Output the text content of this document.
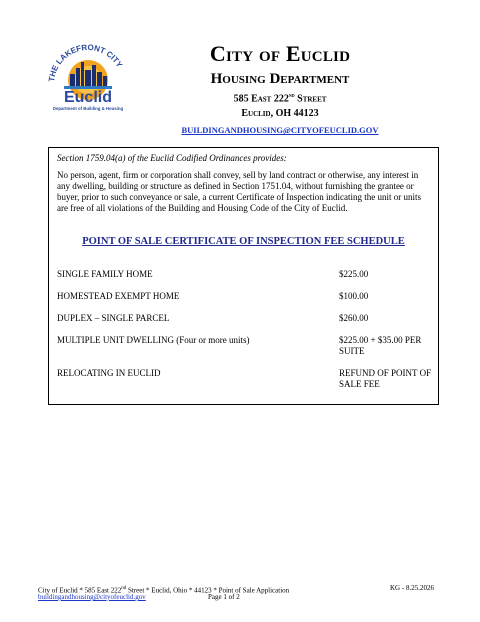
THE LAKEFRONT CITY
Euclid
Department of Building & Housing
City of Euclid
Housing Department
585 East 222nd Street
Euclid, OH 44123
BUILDINGANDHOUSING@CITYOFEUCLID.GOV
Section 1759.04(a) of the Euclid Codified Ordinances provides:
No person, agent, firm or corporation shall convey, sell by land contract or otherwise, any interest in any dwelling, building or structure as defined in Section 1751.04, without furnishing the grantee or buyer, prior to such conveyance or sale, a current Certificate of Inspection indicating the unit or units are free of all violations of the Building and Housing Code of the City of Euclid.
POINT OF SALE CERTIFICATE OF INSPECTION FEE SCHEDULE
SINGLE FAMILY HOME	$225.00
HOMESTEAD EXEMPT HOME	$100.00
DUPLEX – SINGLE PARCEL	$260.00
MULTIPLE UNIT DWELLING (Four or more units)	$225.00 + $35.00 PER SUITE
RELOCATING IN EUCLID	REFUND OF POINT OF SALE FEE
City of Euclid * 585 East 222nd Street * Euclid, Ohio * 44123 * Point of Sale Application	KG - 8.25.2026
buildingandhousing@cityofeuclid.gov	Page 1 of 2
